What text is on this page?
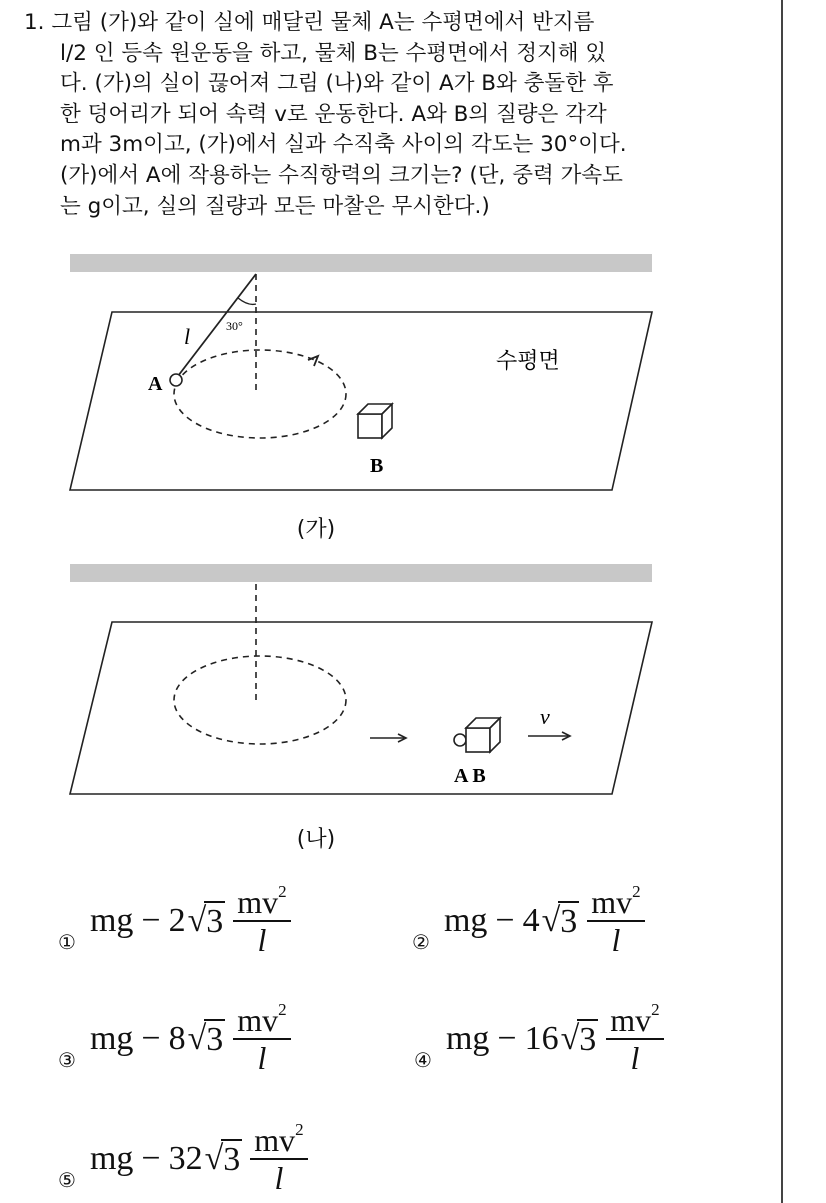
1. 그림 (가)와 같이 실에 매달린 물체 A는 수평면에서 반지름
l/2 인 등속 원운동을 하고, 물체 B는 수평면에서 정지해 있
다. (가)의 실이 끊어져 그림 (나)와 같이 A가 B와 충돌한 후
한 덩어리가 되어 속력 v로 운동한다. A와 B의 질량은 각각
m과 3m이고, (가)에서 실과 수직축 사이의 각도는 30°이다.
(가)에서 A에 작용하는 수직항력의 크기는? (단, 중력 가속도
는 g이고, 실의 질량과 모든 마찰은 무시한다.)
l	30°
수평면
A
B
(가)
v
A B
(나)
①
mg − 2 √ $3 \frac{mv^2}{l}$	②
mg − 4 √ $3 \frac{mv^2}{l}$
③
mg − 8 √ $3 \frac{mv^2}{l}$	④
mg − 16 √ $3 \frac{mv^2}{l}$
⑤
mg − 32 √ $3 \frac{mv^2}{l}$
